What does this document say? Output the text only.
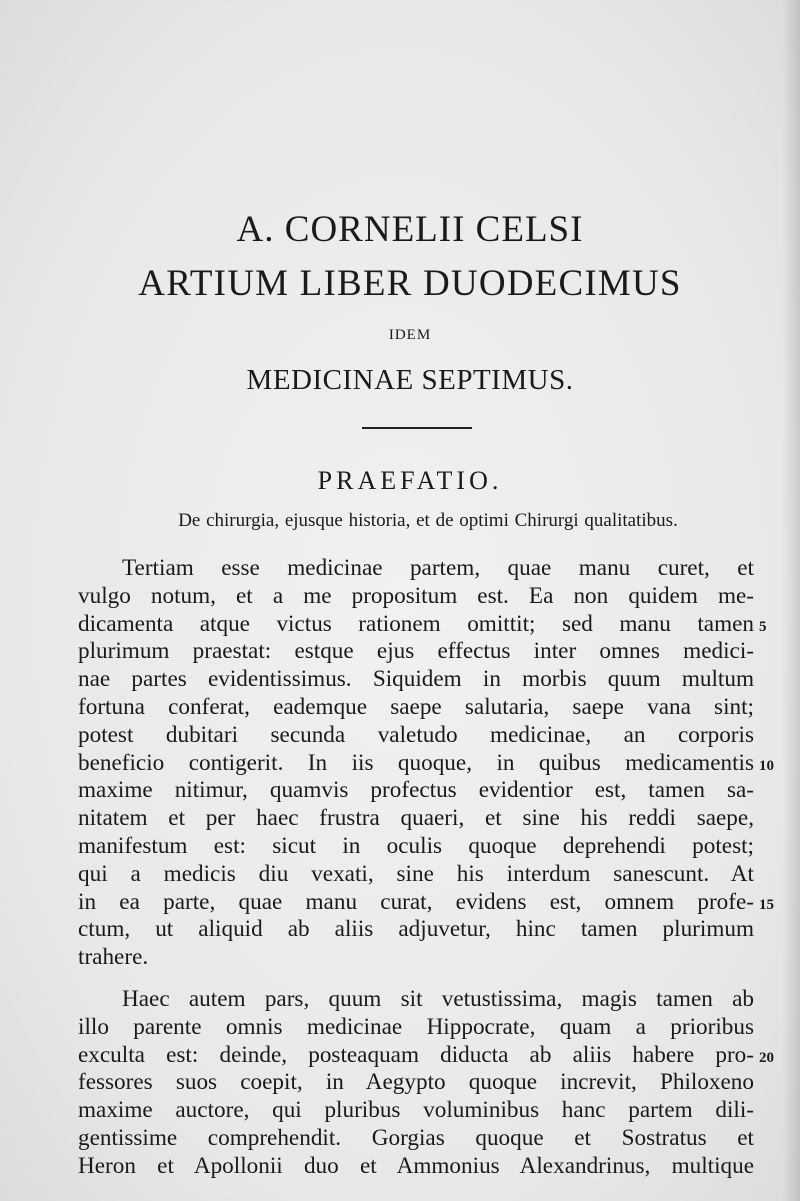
A. CORNELII CELSI
ARTIUM LIBER DUODECIMUS
IDEM
MEDICINAE SEPTIMUS.
PRAEFATIO.
De chirurgia, ejusque historia, et de optimi Chirurgi qualitatibus.
Tertiam esse medicinae partem, quae manu curet, et
vulgo notum, et a me propositum est. Ea non quidem me-
dicamenta atque victus rationem omittit; sed manu tamen 5
plurimum praestat: estque ejus effectus inter omnes medici-
nae partes evidentissimus. Siquidem in morbis quum multum
fortuna conferat, eademque saepe salutaria, saepe vana sint;
potest dubitari secunda valetudo medicinae, an corporis
beneficio contigerit. In iis quoque, in quibus medicamentis 10
maxime nitimur, quamvis profectus evidentior est, tamen sa-
nitatem et per haec frustra quaeri, et sine his reddi saepe,
manifestum est: sicut in oculis quoque deprehendi potest;
qui a medicis diu vexati, sine his interdum sanescunt. At
in ea parte, quae manu curat, evidens est, omnem profe- 15
ctum, ut aliquid ab aliis adjuvetur, hinc tamen plurimum
trahere.
Haec autem pars, quum sit vetustissima, magis tamen ab
illo parente omnis medicinae Hippocrate, quam a prioribus
exculta est: deinde, posteaquam diducta ab aliis habere pro- 20
fessores suos coepit, in Aegypto quoque increvit, Philoxeno
maxime auctore, qui pluribus voluminibus hanc partem dili-
gentissime comprehendit. Gorgias quoque et Sostratus et
Heron et Apollonii duo et Ammonius Alexandrinus, multique
